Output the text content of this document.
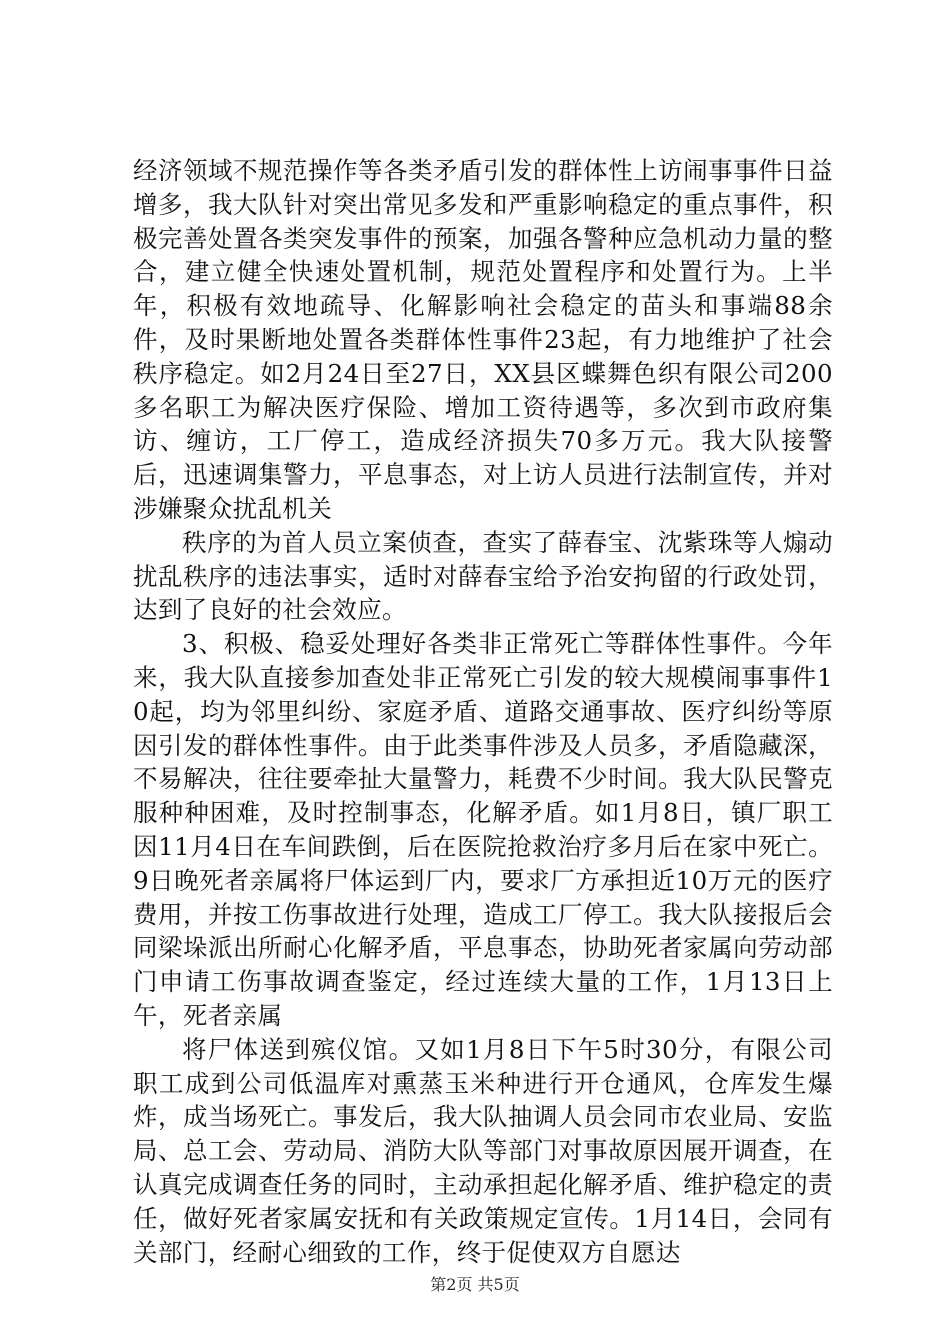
经济领域不规范操作等各类矛盾引发的群体性上访闹事事件日益增多，我大队针对突出常见多发和严重影响稳定的重点事件，积极完善处置各类突发事件的预案，加强各警种应急机动力量的整合，建立健全快速处置机制，规范处置程序和处置行为。上半年，积极有效地疏导、化解影响社会稳定的苗头和事端88余件，及时果断地处置各类群体性事件23起，有力地维护了社会秩序稳定。如2月24日至27日，XX县区蝶舞色织有限公司200多名职工为解决医疗保险、增加工资待遇等，多次到市政府集访、缠访，工厂停工，造成经济损失70多万元。我大队接警后，迅速调集警力，平息事态，对上访人员进行法制宣传，并对涉嫌聚众扰乱机关

秩序的为首人员立案侦查，查实了薛春宝、沈紫珠等人煽动扰乱秩序的违法事实，适时对薛春宝给予治安拘留的行政处罚，达到了良好的社会效应。

3、积极、稳妥处理好各类非正常死亡等群体性事件。今年来，我大队直接参加查处非正常死亡引发的较大规模闹事事件10起，均为邻里纠纷、家庭矛盾、道路交通事故、医疗纠纷等原因引发的群体性事件。由于此类事件涉及人员多，矛盾隐藏深，不易解决，往往要牵扯大量警力，耗费不少时间。我大队民警克服种种困难，及时控制事态，化解矛盾。如1月8日，镇厂职工因11月4日在车间跌倒，后在医院抢救治疗多月后在家中死亡。9日晚死者亲属将尸体运到厂内，要求厂方承担近10万元的医疗费用，并按工伤事故进行处理，造成工厂停工。我大队接报后会同梁垛派出所耐心化解矛盾，平息事态，协助死者家属向劳动部门申请工伤事故调查鉴定，经过连续大量的工作，1月13日上午，死者亲属

将尸体送到殡仪馆。又如1月8日下午5时30分，有限公司职工成到公司低温库对熏蒸玉米种进行开仓通风，仓库发生爆炸，成当场死亡。事发后，我大队抽调人员会同市农业局、安监局、总工会、劳动局、消防大队等部门对事故原因展开调查，在认真完成调查任务的同时，主动承担起化解矛盾、维护稳定的责任，做好死者家属安抚和有关政策规定宣传。1月14日，会同有关部门，经耐心细致的工作，终于促使双方自愿达

第2页 共5页
